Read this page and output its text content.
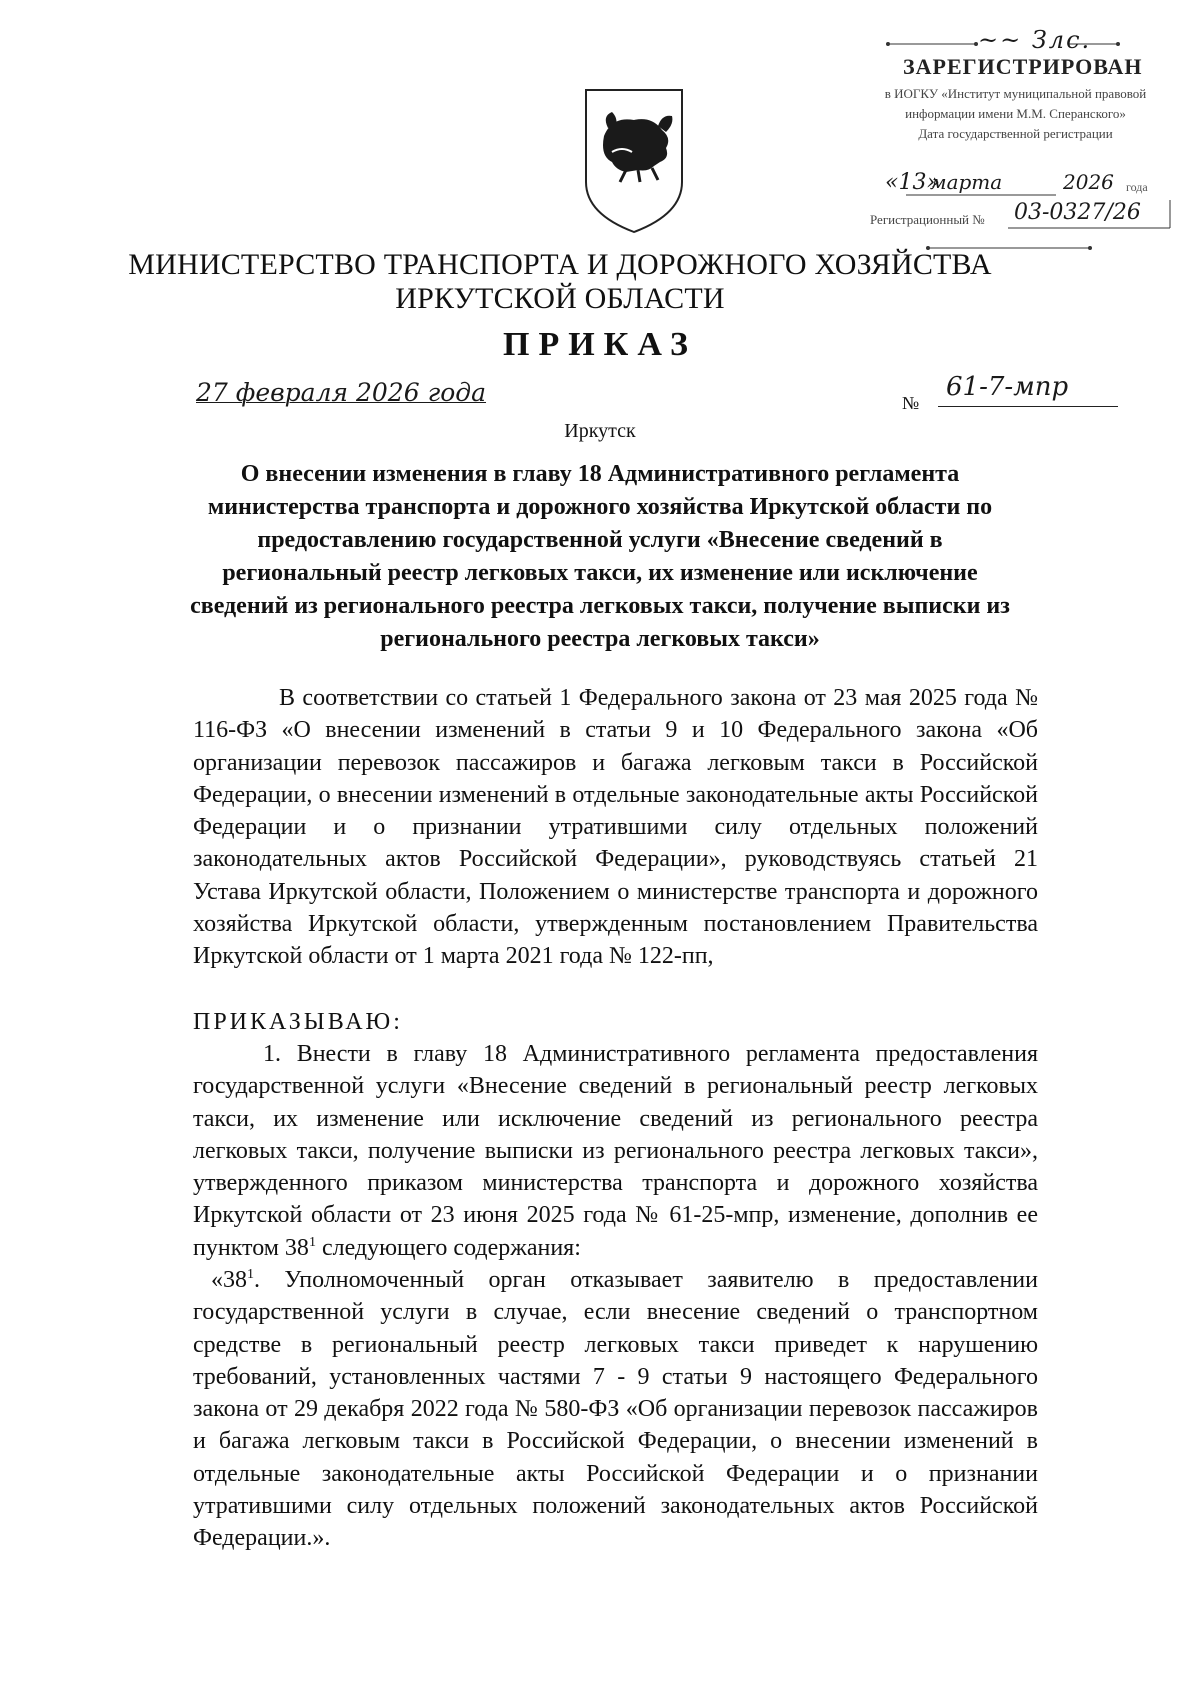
~~ Злс.
ЗАРЕГИСТРИРОВАН
в ИОГКУ «Институт муниципальной правовой
информации имени М.М. Сперанского»
Дата государственной регистрации
«13»
марта	2026 года
Регистрационный № 03-0327/26
МИНИСТЕРСТВО ТРАНСПОРТА И ДОРОЖНОГО ХОЗЯЙСТВА
ИРКУТСКОЙ ОБЛАСТИ
ПРИКАЗ
27 февраля 2026 года	№
61-7-мпр
Иркутск
О внесении изменения в главу 18 Административного регламента министерства транспорта и дорожного хозяйства Иркутской области по предоставлению государственной услуги «Внесение сведений в региональный реестр легковых такси, их изменение или исключение сведений из регионального реестра легковых такси, получение выписки из регионального реестра легковых такси»
В соответствии со статьей 1 Федерального закона от 23 мая 2025 года № 116-ФЗ «О внесении изменений в статьи 9 и 10 Федерального закона «Об организации перевозок пассажиров и багажа легковым такси в Российской Федерации, о внесении изменений в отдельные законодательные акты Российской Федерации и о признании утратившими силу отдельных положений законодательных актов Российской Федерации», руководствуясь статьей 21 Устава Иркутской области, Положением о министерстве транспорта и дорожного хозяйства Иркутской области, утвержденным постановлением Правительства Иркутской области от 1 марта 2021 года № 122-пп,
ПРИКАЗЫВАЮ:
1. Внести в главу 18 Административного регламента предоставления государственной услуги «Внесение сведений в региональный реестр легковых такси, их изменение или исключение сведений из регионального реестра легковых такси, получение выписки из регионального реестра легковых такси», утвержденного приказом министерства транспорта и дорожного хозяйства Иркутской области от 23 июня 2025 года № 61-25-мпр, изменение, дополнив ее пунктом $38^1$ следующего содержания:
«$38^1$. Уполномоченный орган отказывает заявителю в предоставлении государственной услуги в случае, если внесение сведений о транспортном средстве в региональный реестр легковых такси приведет к нарушению требований, установленных частями 7 - 9 статьи 9 настоящего Федерального закона от 29 декабря 2022 года № 580-ФЗ «Об организации перевозок пассажиров и багажа легковым такси в Российской Федерации, о внесении изменений в отдельные законодательные акты Российской Федерации и о признании утратившими силу отдельных положений законодательных актов Российской Федерации.».
